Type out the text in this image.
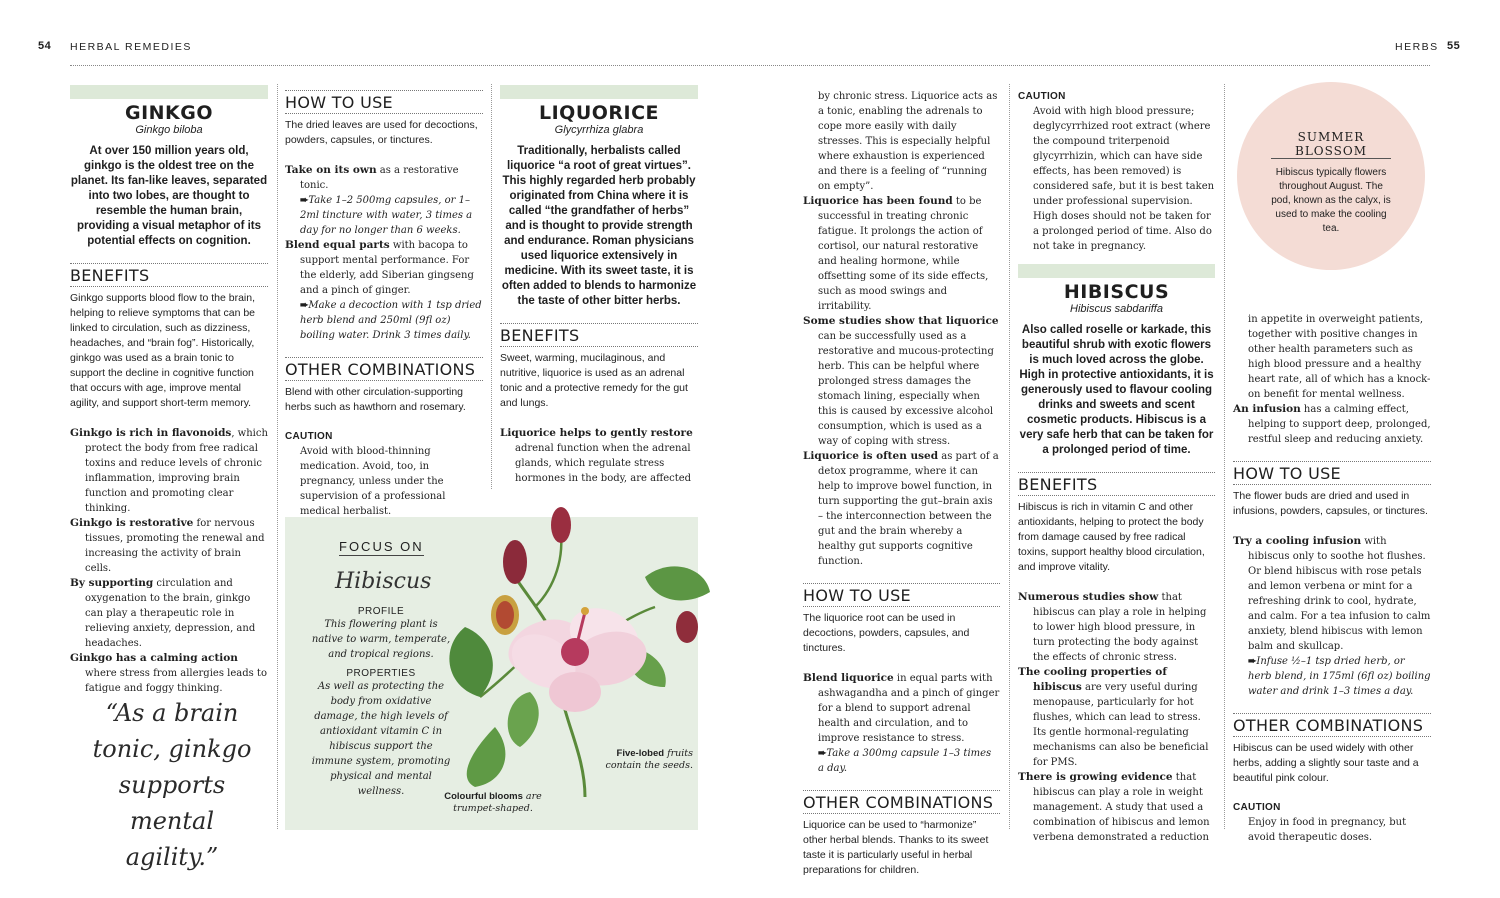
54 HERBAL REMEDIES	HERBS 55
GINKGO
Ginkgo biloba

At over 150 million years old, ginkgo is the oldest tree on the planet. Its fan-like leaves, separated into two lobes, are thought to resemble the human brain, providing a visual metaphor of its potential effects on cognition.

BENEFITS

Ginkgo supports blood flow to the brain, helping to relieve symptoms that can be linked to circulation, such as dizziness, headaches, and “brain fog”. Historically, ginkgo was used as a brain tonic to support the decline in cognitive function that occurs with age, improve mental agility, and support short-term memory.

Ginkgo is rich in flavonoids, which protect the body from free radical toxins and reduce levels of chronic inflammation, improving brain function and promoting clear thinking.

Ginkgo is restorative for nervous tissues, promoting the renewal and increasing the activity of brain cells.

By supporting circulation and oxygenation to the brain, ginkgo can play a therapeutic role in relieving anxiety, depression, and headaches.

Ginkgo has a calming action where stress from allergies leads to fatigue and foggy thinking.

“As a brain tonic, ginkgo supports mental agility.”
HOW TO USE

The dried leaves are used for decoctions, powders, capsules, or tinctures.

Take on its own as a restorative tonic.

➨Take 1–2 500mg capsules, or 1–2ml tincture with water, 3 times a day for no longer than 6 weeks.

Blend equal parts with bacopa to support mental performance. For the elderly, add Siberian gingseng and a pinch of ginger.

➨Make a decoction with 1 tsp dried herb blend and 250ml (9fl oz) boiling water. Drink 3 times daily.

OTHER COMBINATIONS

Blend with other circulation-supporting herbs such as hawthorn and rosemary.

CAUTION

Avoid with blood-thinning medication. Avoid, too, in pregnancy, unless under the supervision of a professional medical herbalist.

LIQUORICE
Glycyrrhiza glabra

Traditionally, herbalists called liquorice “a root of great virtues”. This highly regarded herb probably originated from China where it is called “the grandfather of herbs” and is thought to provide strength and endurance. Roman physicians used liquorice extensively in medicine. With its sweet taste, it is often added to blends to harmonize the taste of other bitter herbs.

BENEFITS

Sweet, warming, mucilaginous, and nutritive, liquorice is used as an adrenal tonic and a protective remedy for the gut and lungs.

Liquorice helps to gently restore adrenal function when the adrenal glands, which regulate stress hormones in the body, are affected

FOCUS ON
Hibiscus
PROFILE
This flowering plant is native to warm, temperate, and tropical regions.
PROPERTIES
As well as protecting the body from oxidative damage, the high levels of antioxidant vitamin C in hibiscus support the immune system, promoting physical and mental wellness.
Five-lobed fruits contain the seeds.
Colourful blooms are trumpet-shaped.

by chronic stress. Liquorice acts as a tonic, enabling the adrenals to cope more easily with daily stresses. This is especially helpful where exhaustion is experienced and there is a feeling of “running on empty”.

Liquorice has been found to be successful in treating chronic fatigue. It prolongs the action of cortisol, our natural restorative and healing hormone, while offsetting some of its side effects, such as mood swings and irritability.

Some studies show that liquorice can be successfully used as a restorative and mucous-protecting herb. This can be helpful where prolonged stress damages the stomach lining, especially when this is caused by excessive alcohol consumption, which is used as a way of coping with stress.

Liquorice is often used as part of a detox programme, where it can help to improve bowel function, in turn supporting the gut–brain axis – the interconnection between the gut and the brain whereby a healthy gut supports cognitive function.

HOW TO USE

The liquorice root can be used in decoctions, powders, capsules, and tinctures.

Blend liquorice in equal parts with ashwagandha and a pinch of ginger for a blend to support adrenal health and circulation, and to improve resistance to stress.

➨Take a 300mg capsule 1–3 times a day.

OTHER COMBINATIONS

Liquorice can be used to “harmonize” other herbal blends. Thanks to its sweet taste it is particularly useful in herbal preparations for children.

CAUTION

Avoid with high blood pressure; deglycyrrhized root extract (where the compound triterpenoid glycyrrhizin, which can have side effects, has been removed) is considered safe, but it is best taken under professional supervision. High doses should not be taken for a prolonged period of time. Also do not take in pregnancy.

HIBISCUS
Hibiscus sabdariffa

Also called roselle or karkade, this beautiful shrub with exotic flowers is much loved across the globe. High in protective antioxidants, it is generously used to flavour cooling drinks and sweets and scent cosmetic products. Hibiscus is a very safe herb that can be taken for a prolonged period of time.

BENEFITS

Hibiscus is rich in vitamin C and other antioxidants, helping to protect the body from damage caused by free radical toxins, support healthy blood circulation, and improve vitality.

Numerous studies show that hibiscus can play a role in helping to lower high blood pressure, in turn protecting the body against the effects of chronic stress.

The cooling properties of hibiscus are very useful during menopause, particularly for hot flushes, which can lead to stress. Its gentle hormonal-regulating mechanisms can also be beneficial for PMS.

There is growing evidence that hibiscus can play a role in weight management. A study that used a combination of hibiscus and lemon verbena demonstrated a reduction

SUMMER BLOSSOM
Hibiscus typically flowers throughout August. The pod, known as the calyx, is used to make the cooling tea.

in appetite in overweight patients, together with positive changes in other health parameters such as high blood pressure and a healthy heart rate, all of which has a knock-on benefit for mental wellness.

An infusion has a calming effect, helping to support deep, prolonged, restful sleep and reducing anxiety.

HOW TO USE

The flower buds are dried and used in infusions, powders, capsules, or tinctures.

Try a cooling infusion with hibiscus only to soothe hot flushes. Or blend hibiscus with rose petals and lemon verbena or mint for a refreshing drink to cool, hydrate, and calm. For a tea infusion to calm anxiety, blend hibiscus with lemon balm and skullcap.

➨Infuse ½–1 tsp dried herb, or herb blend, in 175ml (6fl oz) boiling water and drink 1–3 times a day.

OTHER COMBINATIONS

Hibiscus can be used widely with other herbs, adding a slightly sour taste and a beautiful pink colour.

CAUTION

Enjoy in food in pregnancy, but avoid therapeutic doses.
